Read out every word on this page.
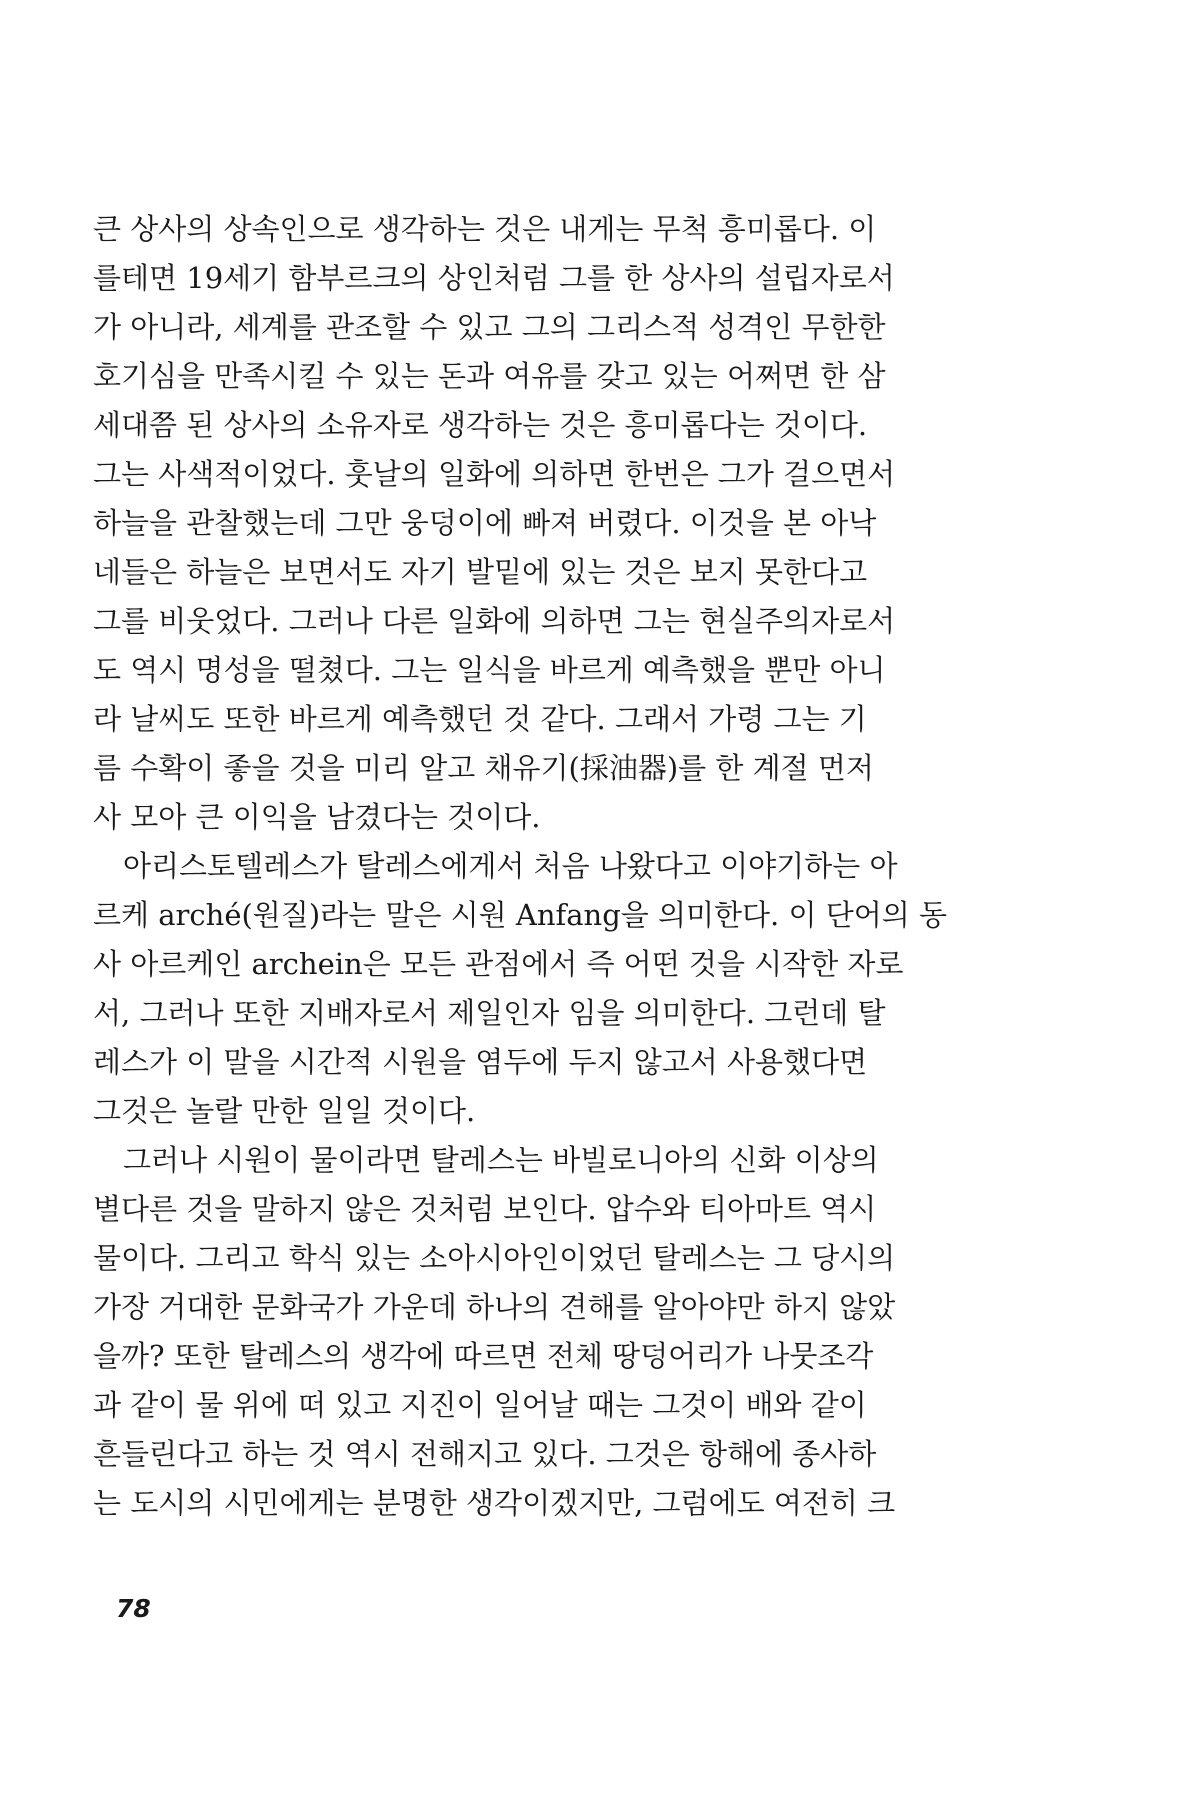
큰 상사의 상속인으로 생각하는 것은 내게는 무척 흥미롭다. 이
를테면 19세기 함부르크의 상인처럼 그를 한 상사의 설립자로서
가 아니라, 세계를 관조할 수 있고 그의 그리스적 성격인 무한한
호기심을 만족시킬 수 있는 돈과 여유를 갖고 있는 어쩌면 한 삼
세대쯤 된 상사의 소유자로 생각하는 것은 흥미롭다는 것이다.
그는 사색적이었다. 훗날의 일화에 의하면 한번은 그가 걸으면서
하늘을 관찰했는데 그만 웅덩이에 빠져 버렸다. 이것을 본 아낙
네들은 하늘은 보면서도 자기 발밑에 있는 것은 보지 못한다고
그를 비웃었다. 그러나 다른 일화에 의하면 그는 현실주의자로서
도 역시 명성을 떨쳤다. 그는 일식을 바르게 예측했을 뿐만 아니
라 날씨도 또한 바르게 예측했던 것 같다. 그래서 가령 그는 기
름 수확이 좋을 것을 미리 알고 채유기(採油器)를 한 계절 먼저
사 모아 큰 이익을 남겼다는 것이다.
아리스토텔레스가 탈레스에게서 처음 나왔다고 이야기하는 아
르케 arché(원질)라는 말은 시원 Anfang을 의미한다. 이 단어의 동
사 아르케인 archein은 모든 관점에서 즉 어떤 것을 시작한 자로
서, 그러나 또한 지배자로서 제일인자 임을 의미한다. 그런데 탈
레스가 이 말을 시간적 시원을 염두에 두지 않고서 사용했다면
그것은 놀랄 만한 일일 것이다.
그러나 시원이 물이라면 탈레스는 바빌로니아의 신화 이상의
별다른 것을 말하지 않은 것처럼 보인다. 압수와 티아마트 역시
물이다. 그리고 학식 있는 소아시아인이었던 탈레스는 그 당시의
가장 거대한 문화국가 가운데 하나의 견해를 알아야만 하지 않았
을까? 또한 탈레스의 생각에 따르면 전체 땅덩어리가 나뭇조각
과 같이 물 위에 떠 있고 지진이 일어날 때는 그것이 배와 같이
흔들린다고 하는 것 역시 전해지고 있다. 그것은 항해에 종사하
는 도시의 시민에게는 분명한 생각이겠지만, 그럼에도 여전히 크
78
